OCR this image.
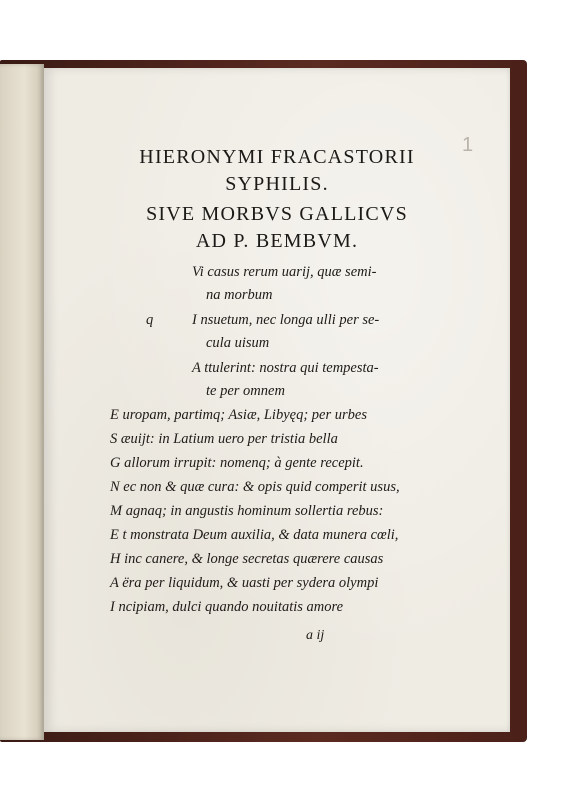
1
HIERONYMI FRACASTORII
SYPHILIS.
SIVE MORBVS GALLICVS
AD P. BEMBVM.
Vi casus rerum uarij, quæ semi-
na morbum
q	I nsuetum, nec longa ulli per se-
cula uisum
A ttulerint: nostra qui tempesta-
te per omnem
E uropam, partimq; Asiæ, Libyęq; per urbes
S æuijt: in Latium uero per tristia bella
G allorum irrupit: nomenq; à gente recepit.
N ec non & quæ cura: & opis quid comperit usus,
M agnaq; in angustis hominum sollertia rebus:
E t monstrata Deum auxilia, & data munera cœli,
H inc canere, & longe secretas quærere causas
A ëra per liquidum, & uasti per sydera olympi
I ncipiam, dulci quando nouitatis amore
a ij
